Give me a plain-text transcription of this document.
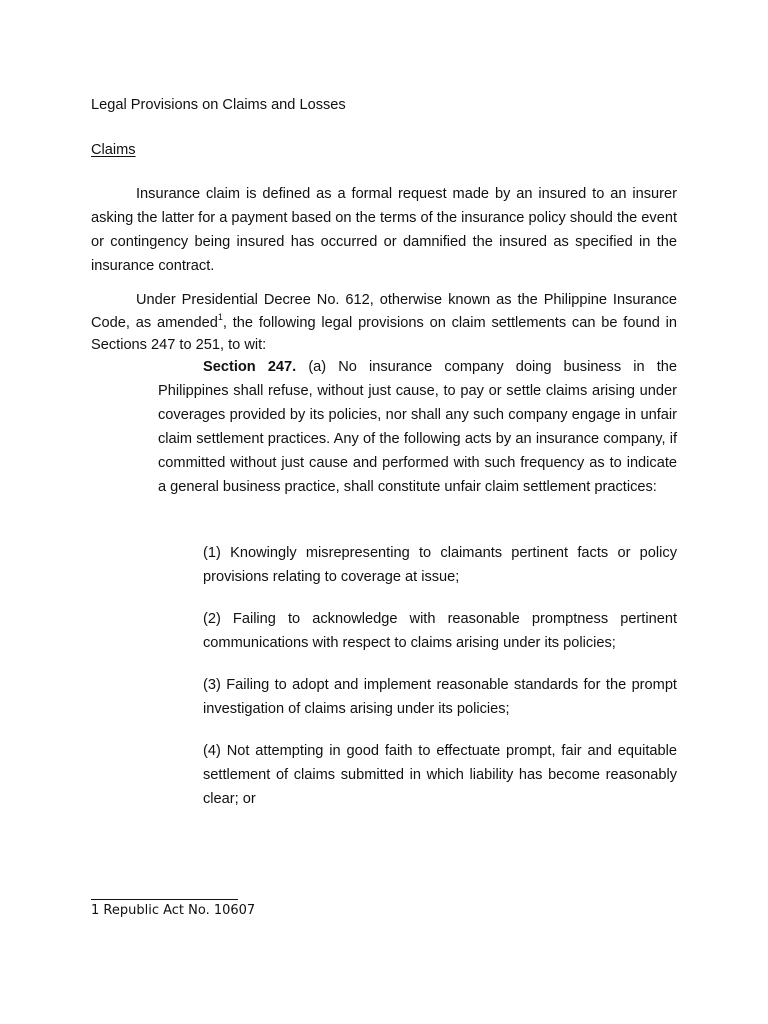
Legal Provisions on Claims and Losses

Claims

Insurance claim is defined as a formal request made by an insured to an insurer asking the latter for a payment based on the terms of the insurance policy should the event or contingency being insured has occurred or damnified the insured as specified in the insurance contract.

Under Presidential Decree No. 612, otherwise known as the Philippine Insurance Code, as amended$^1$, the following legal provisions on claim settlements can be found in Sections 247 to 251, to wit:

Section 247. (a) No insurance company doing business in the Philippines shall refuse, without just cause, to pay or settle claims arising under coverages provided by its policies, nor shall any such company engage in unfair claim settlement practices. Any of the following acts by an insurance company, if committed without just cause and performed with such frequency as to indicate a general business practice, shall constitute unfair claim settlement practices:

(1) Knowingly misrepresenting to claimants pertinent facts or policy provisions relating to coverage at issue;

(2) Failing to acknowledge with reasonable promptness pertinent communications with respect to claims arising under its policies;

(3) Failing to adopt and implement reasonable standards for the prompt investigation of claims arising under its policies;

(4) Not attempting in good faith to effectuate prompt, fair and equitable settlement of claims submitted in which liability has become reasonably clear; or

1 Republic Act No. 10607
